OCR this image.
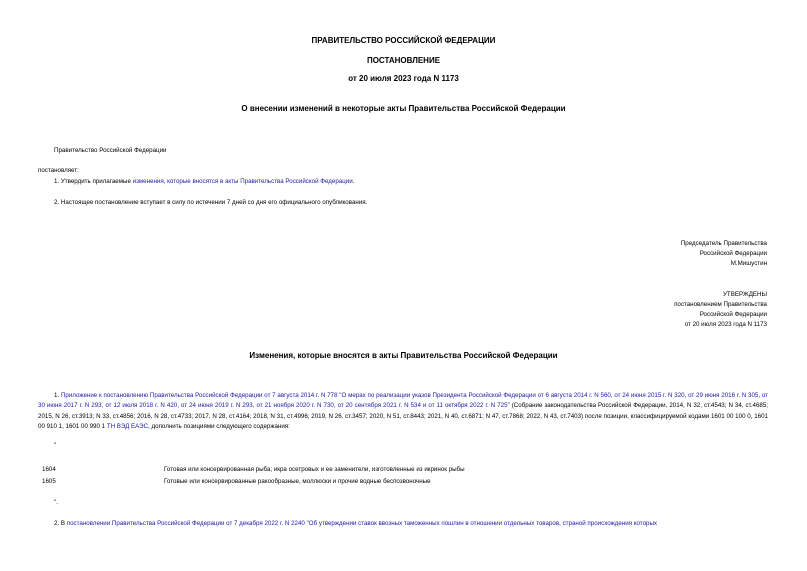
ПРАВИТЕЛЬСТВО РОССИЙСКОЙ ФЕДЕРАЦИИ
ПОСТАНОВЛЕНИЕ
от 20 июля 2023 года N 1173
О внесении изменений в некоторые акты Правительства Российской Федерации
Правительство Российской Федерации
постановляет:
1. Утвердить прилагаемые изменения, которые вносятся в акты Правительства Российской Федерации.
2. Настоящее постановление вступает в силу по истечении 7 дней со дня его официального опубликования.
Председатель Правительства
Российской Федерации
М.Мишустин
УТВЕРЖДЕНЫ
постановлением Правительства
Российской Федерации
от 20 июля 2023 года N 1173
Изменения, которые вносятся в акты Правительства Российской Федерации
1. Приложение к постановлению Правительства Российской Федерации от 7 августа 2014 г. N 778 "О мерах по реализации указов Президента Российской Федерации от 6 августа 2014 г. N 560, от 24 июня 2015 г. N 320, от 29 июня 2016 г. N 305, от 30 июня 2017 г. N 293, от 12 июля 2018 г. N 420, от 24 июня 2019 г. N 293, от 21 ноября 2020 г. N 730, от 20 сентября 2021 г. N 534 и от 11 октября 2022 г. N 725" (Собрание законодательства Российской Федерации, 2014, N 32, ст.4543; N 34, ст.4685; 2015, N 26, ст.3913; N 33, ст.4856; 2016, N 28, ст.4733; 2017, N 28, ст.4164; 2018, N 31, ст.4996; 2019, N 26, ст.3457; 2020, N 51, ст.8443; 2021, N 40, ст.6871; N 47, ст.7868; 2022, N 43, ст.7403) после позиции, классифицируемой кодами 1601 00 100 0, 1601 00 910 1, 1601 00 990 1 ТН ВЭД ЕАЭС, дополнить позициями следующего содержания:
"
1604	Готовая или консервированная рыба; икра осетровых и ее заменители, изготовленные из икринок рыбы
1605	Готовые или консервированные ракообразные, моллюски и прочие водные беспозвоночные
".
2. В постановлении Правительства Российской Федерации от 7 декабря 2022 г. N 2240 "Об утверждении ставок ввозных таможенных пошлин в отношении отдельных товаров, страной происхождения которых
